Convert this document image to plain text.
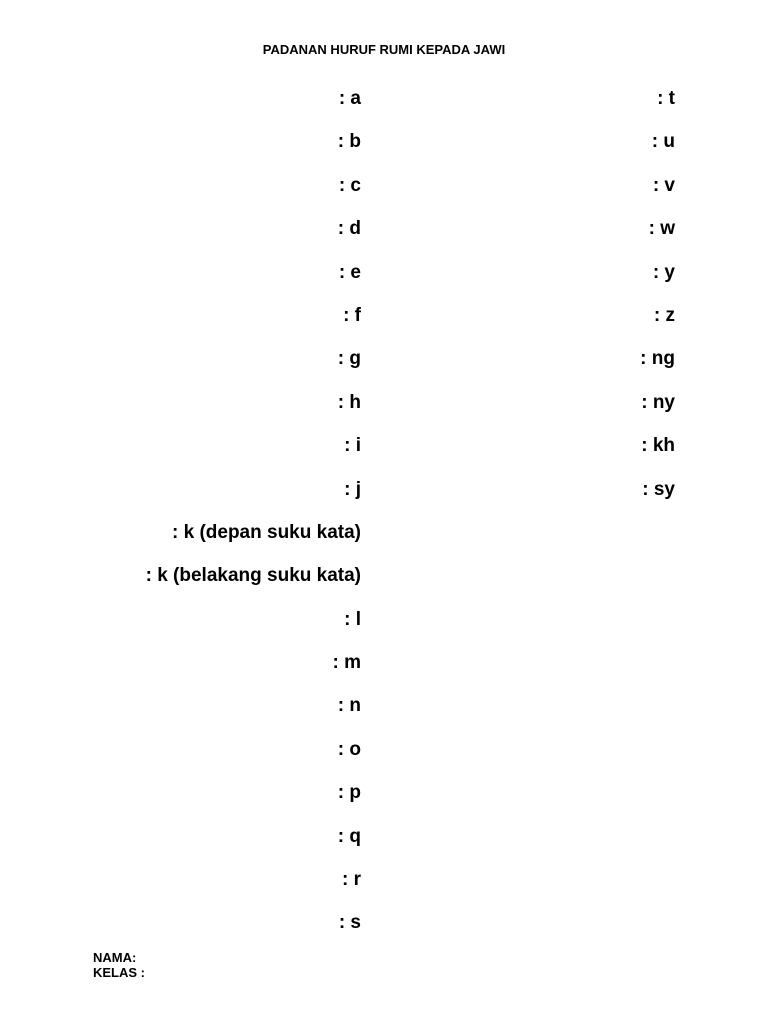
PADANAN HURUF RUMI KEPADA JAWI
: a
: b
: c
: d
: e
: f
: g
: h
: i
: j
: k (depan suku kata)
: k (belakang suku kata)
: l
: m
: n
: o
: p
: q
: r
: s
: t
: u
: v
: w
: y
: z
: ng
: ny
: kh
: sy
NAMA:
KELAS :
